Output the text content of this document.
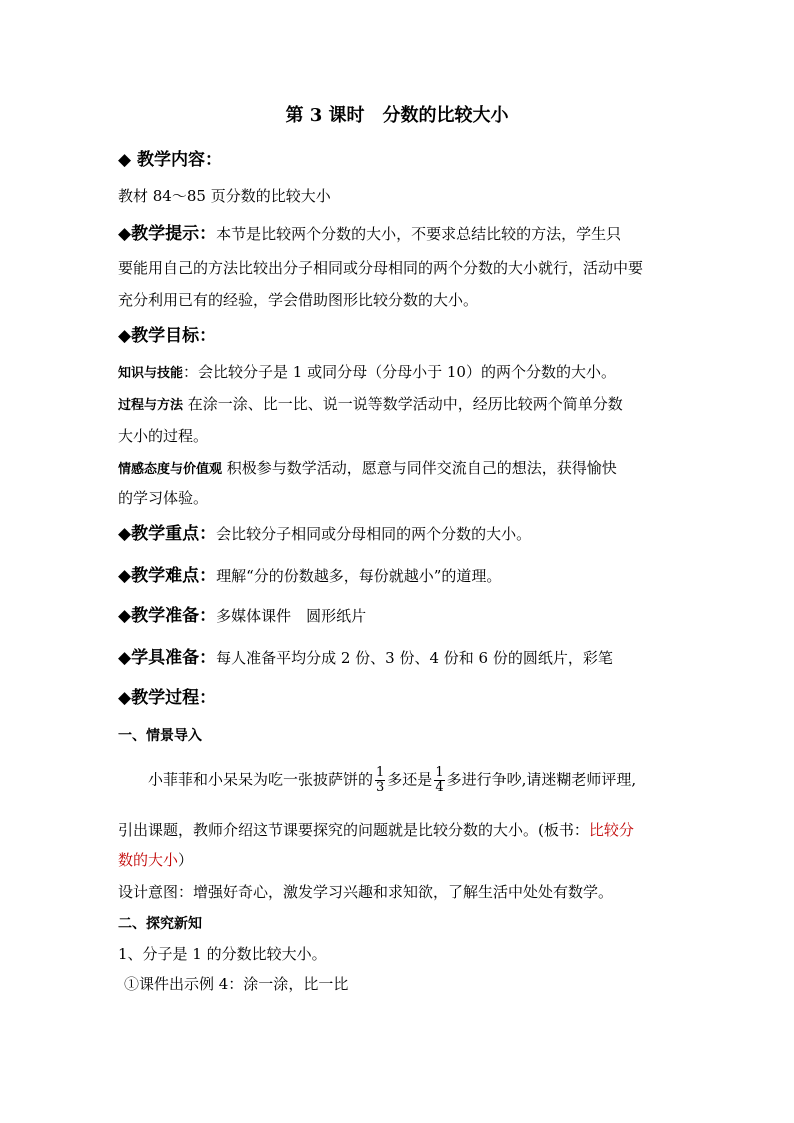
第 3 课时　分数的比较大小
◆ 教学内容：
教材 84～85 页分数的比较大小
◆教学提示：本节是比较两个分数的大小，不要求总结比较的方法，学生只
要能用自己的方法比较出分子相同或分母相同的两个分数的大小就行，活动中要
充分利用已有的经验，学会借助图形比较分数的大小。
◆教学目标：
知识与技能：会比较分子是 1 或同分母（分母小于 10）的两个分数的大小。
过程与方法 在涂一涂、比一比、说一说等数学活动中，经历比较两个简单分数
大小的过程。
情感态度与价值观 积极参与数学活动，愿意与同伴交流自己的想法，获得愉快
的学习体验。
◆教学重点：会比较分子相同或分母相同的两个分数的大小。
◆教学难点：理解“分的份数越多，每份就越小”的道理。
◆教学准备：多媒体课件　圆形纸片
◆学具准备：每人准备平均分成 2 份、3 份、4 份和 6 份的圆纸片，彩笔
◆教学过程：
一、情景导入
小菲菲和小呆呆为吃一张披萨饼的 $\frac{1}{3}$ 多还是 $\frac{1}{4}$ 多进行争吵,请迷糊老师评理,
引出课题，教师介绍这节课要探究的问题就是比较分数的大小。(板书：比较分
数的大小）
设计意图：增强好奇心，激发学习兴趣和求知欲，了解生活中处处有数学。
二、探究新知
1、分子是 1 的分数比较大小。
①课件出示例 4：涂一涂，比一比
